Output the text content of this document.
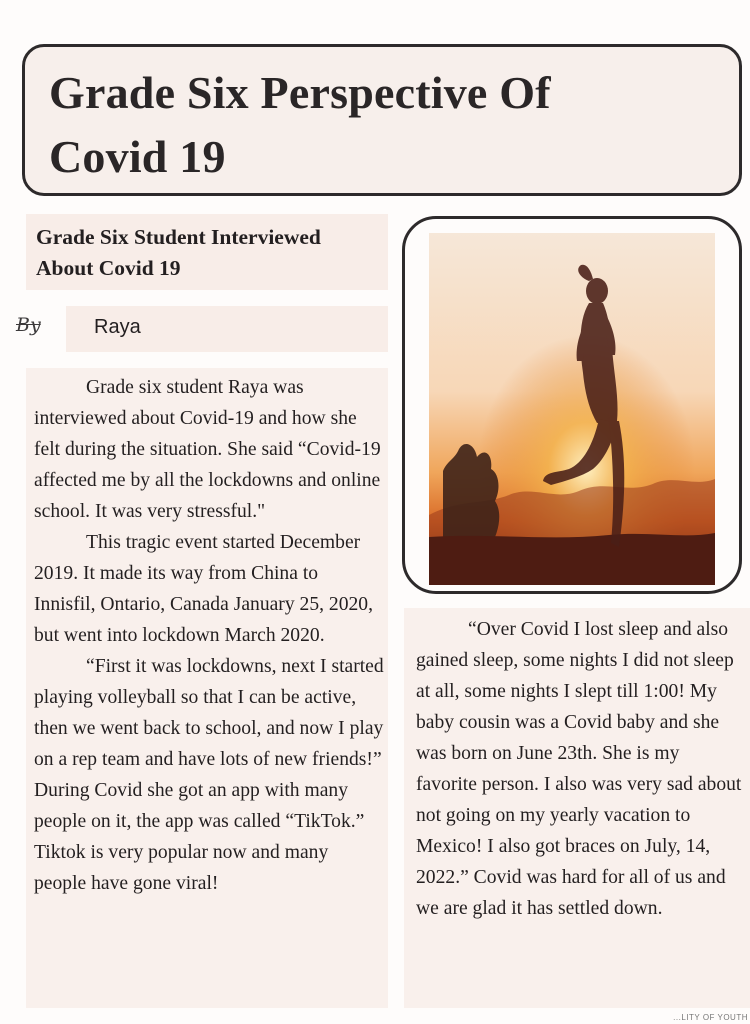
Grade Six Perspective Of
Covid 19
Grade Six Student Interviewed
About Covid 19
By	Raya

Grade six student Raya was interviewed about Covid-19 and how she felt during the situation. She said “Covid-19 affected me by all the lockdowns and online school. It was very stressful."

This tragic event started December 2019. It made its way from China to Innisfil, Ontario, Canada January 25, 2020, but went into lockdown March 2020.

“First it was lockdowns, next I started playing volleyball so that I can be active, then we went back to school, and now I play on a rep team and have lots of new friends!” During Covid she got an app with many people on it, the app was called “TikTok.” Tiktok is very popular now and many people have gone viral!

“Over Covid I lost sleep and also gained sleep, some nights I did not sleep at all, some nights I slept till 1:00! My baby cousin was a Covid baby and she was born on June 23th. She is my favorite person. I also was very sad about not going on my yearly vacation to Mexico! I also got braces on July, 14, 2022.” Covid was hard for all of us and we are glad it has settled down.

...LITY OF YOUTH
